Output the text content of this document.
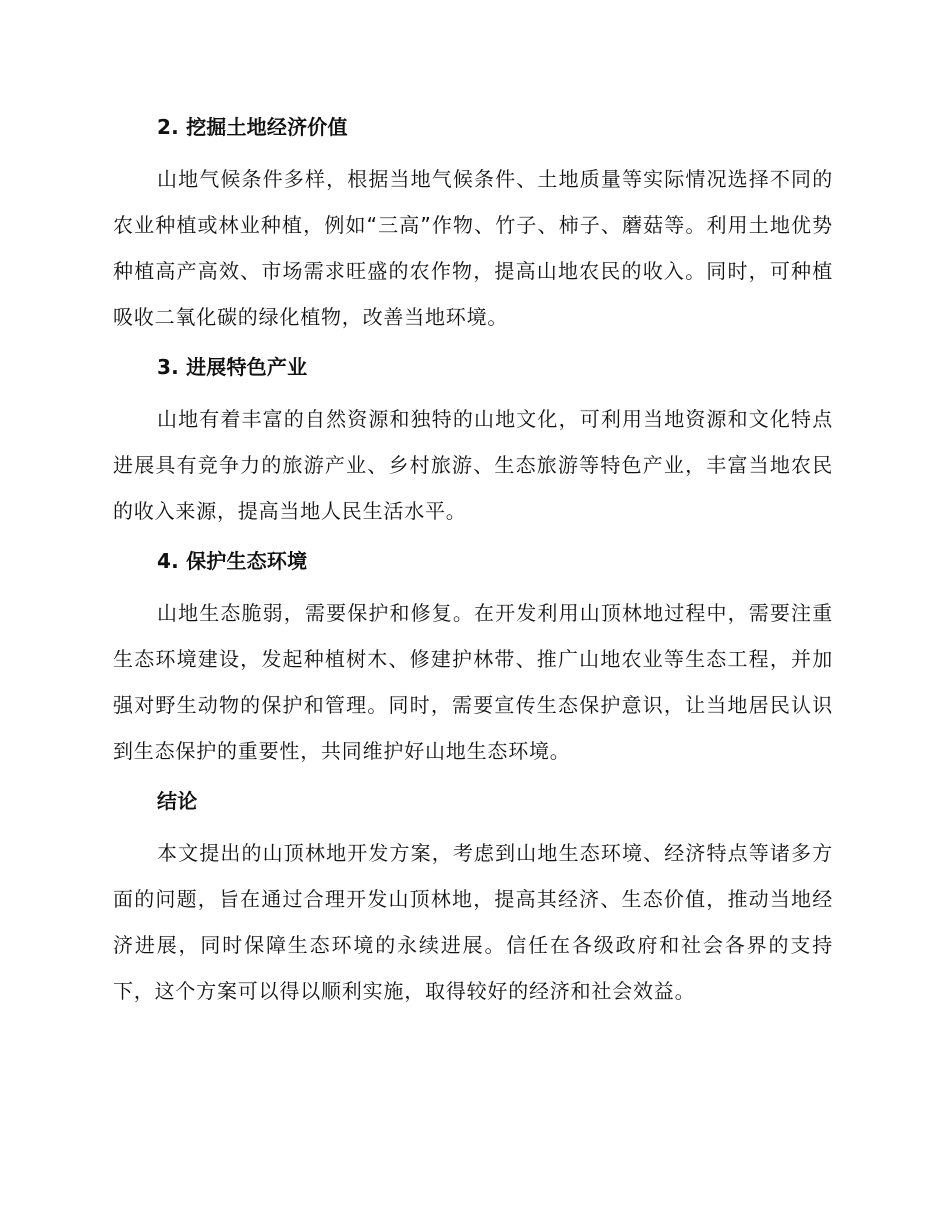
2. 挖掘土地经济价值

山地气候条件多样，根据当地气候条件、土地质量等实际情况选择不同的农业种植或林业种植，例如“三高”作物、竹子、柿子、蘑菇等。利用土地优势种植高产高效、市场需求旺盛的农作物，提高山地农民的收入。同时，可种植吸收二氧化碳的绿化植物，改善当地环境。

3. 进展特色产业

山地有着丰富的自然资源和独特的山地文化，可利用当地资源和文化特点进展具有竞争力的旅游产业、乡村旅游、生态旅游等特色产业，丰富当地农民的收入来源，提高当地人民生活水平。

4. 保护生态环境

山地生态脆弱，需要保护和修复。在开发利用山顶林地过程中，需要注重生态环境建设，发起种植树木、修建护林带、推广山地农业等生态工程，并加强对野生动物的保护和管理。同时，需要宣传生态保护意识，让当地居民认识到生态保护的重要性，共同维护好山地生态环境。

结论

本文提出的山顶林地开发方案，考虑到山地生态环境、经济特点等诸多方面的问题，旨在通过合理开发山顶林地，提高其经济、生态价值，推动当地经济进展，同时保障生态环境的永续进展。信任在各级政府和社会各界的支持下，这个方案可以得以顺利实施，取得较好的经济和社会效益。
